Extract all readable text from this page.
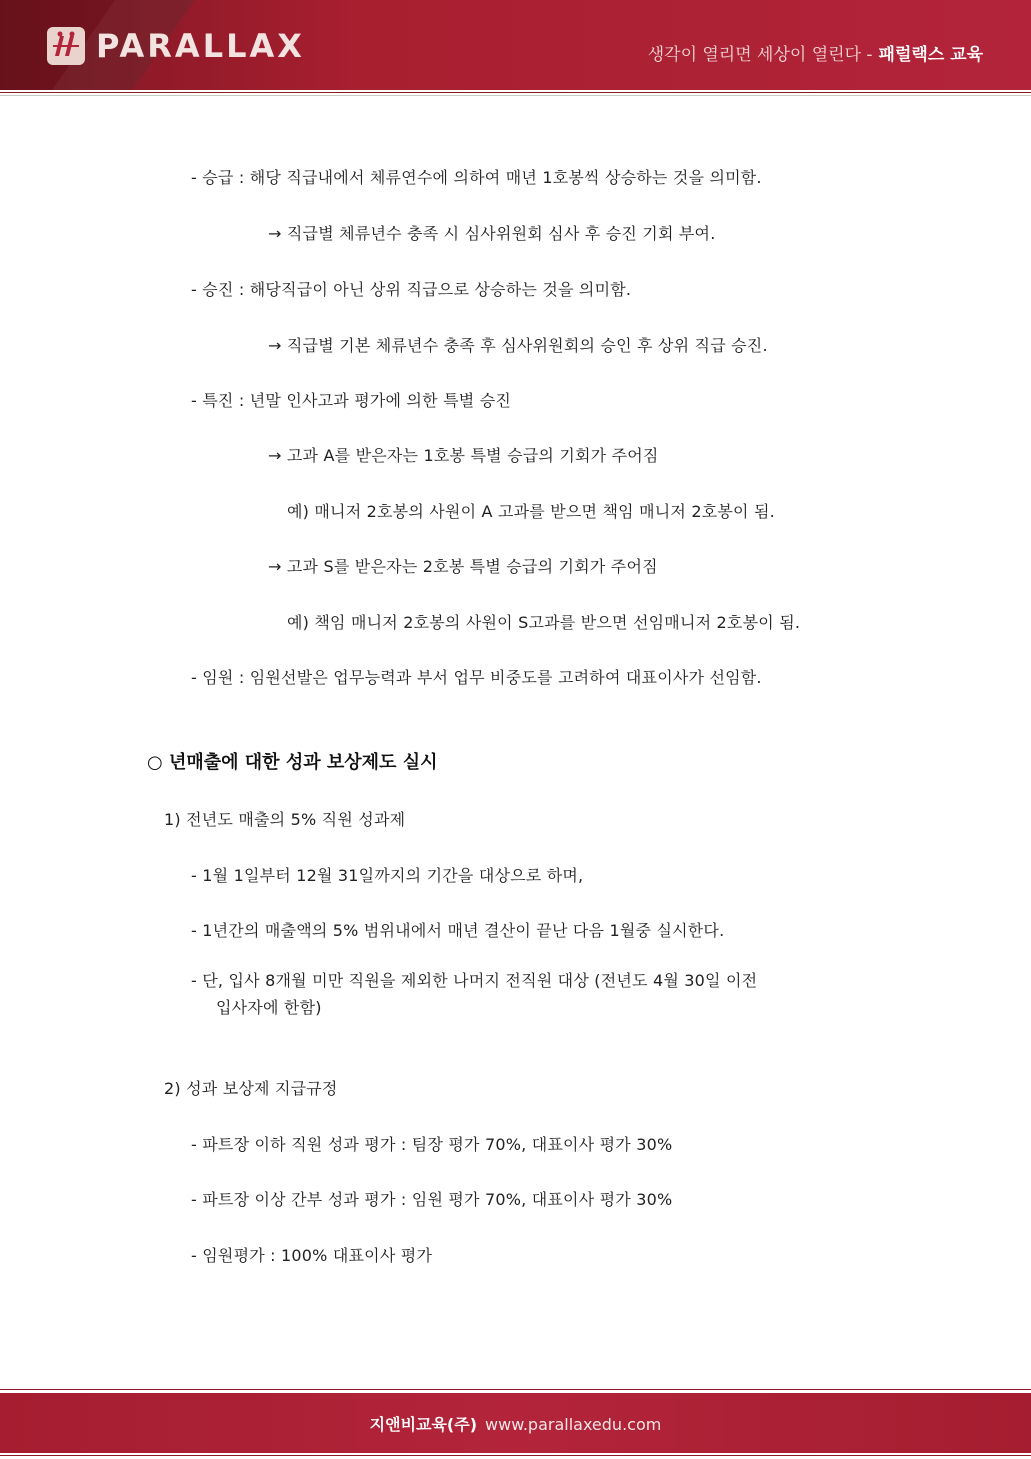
PARALLAX	생각이 열리면 세상이 열린다 - 패럴랙스 교육
- 승급 : 해당 직급내에서 체류연수에 의하여 매년 1호봉씩 상승하는 것을 의미함.
→ 직급별 체류년수 충족 시 심사위원회 심사 후 승진 기회 부여.
- 승진 : 해당직급이 아닌 상위 직급으로 상승하는 것을 의미함.
→ 직급별 기본 체류년수 충족 후 심사위원회의 승인 후 상위 직급 승진.
- 특진 : 년말 인사고과 평가에 의한 특별 승진
→ 고과 A를 받은자는 1호봉 특별 승급의 기회가 주어짐
예) 매니저 2호봉의 사원이 A 고과를 받으면 책임 매니저 2호봉이 됨.
→ 고과 S를 받은자는 2호봉 특별 승급의 기회가 주어짐
예) 책임 매니저 2호봉의 사원이 S고과를 받으면 선임매니저 2호봉이 됨.
- 임원 : 임원선발은 업무능력과 부서 업무 비중도를 고려하여 대표이사가 선임함.
○ 년매출에 대한 성과 보상제도 실시
1) 전년도 매출의 5% 직원 성과제
- 1월 1일부터 12월 31일까지의 기간을 대상으로 하며,
- 1년간의 매출액의 5% 범위내에서 매년 결산이 끝난 다음 1월중 실시한다.
- 단, 입사 8개월 미만 직원을 제외한 나머지 전직원 대상 (전년도 4월 30일 이전
입사자에 한함)
2) 성과 보상제 지급규정
- 파트장 이하 직원 성과 평가 : 팀장 평가 70%, 대표이사 평가 30%
- 파트장 이상 간부 성과 평가 : 임원 평가 70%, 대표이사 평가 30%
- 임원평가 : 100% 대표이사 평가
지앤비교육(주) www.parallaxedu.com
